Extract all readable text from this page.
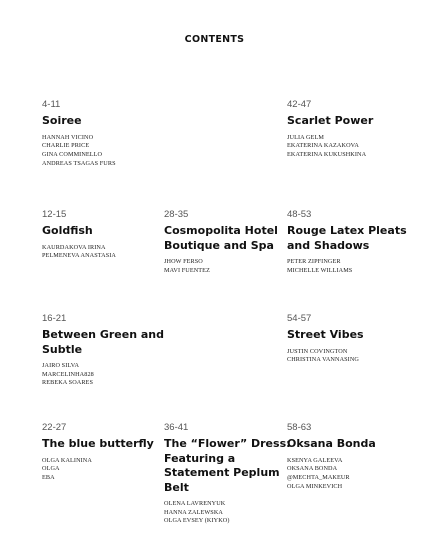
CONTENTS
4-11
Soiree
HANNAH VICINO
CHARLIE PRICE
GINA COMMINELLO
ANDREAS TSAGAS FURS
42-47
Scarlet Power
JULIA GELM
EKATERINA KAZAKOVA
EKATERINA KUKUSHKINA
12-15
Goldfish
KAURDAKOVA IRINA
PELMENEVA ANASTASIA
28-35
Cosmopolita Hotel Boutique and Spa
JHOW FERSO
MAVI FUENTEZ
48-53
Rouge Latex Pleats and Shadows
PETER ZIPFINGER
MICHELLE WILLIAMS
16-21
Between Green and Subtle
JAIRO SILVA
MARCELINHA828
REBEKA SOARES
54-57
Street Vibes
JUSTIN COVINGTON
CHRISTINA VANNASING
22-27
The blue butterfly
OLGA KALININA
OLGA
EBA
36-41
The “Flower” Dress: Featuring a Statement Peplum Belt
OLENA LAVRENYUK
HANNA ZALEWSKA
OLGA EVSEY (KIYKO)
58-63
Oksana Bonda
KSENYA GALEEVA
OKSANA BONDA
@MECHTA_MAKEUR
OLGA MINKEVICH
